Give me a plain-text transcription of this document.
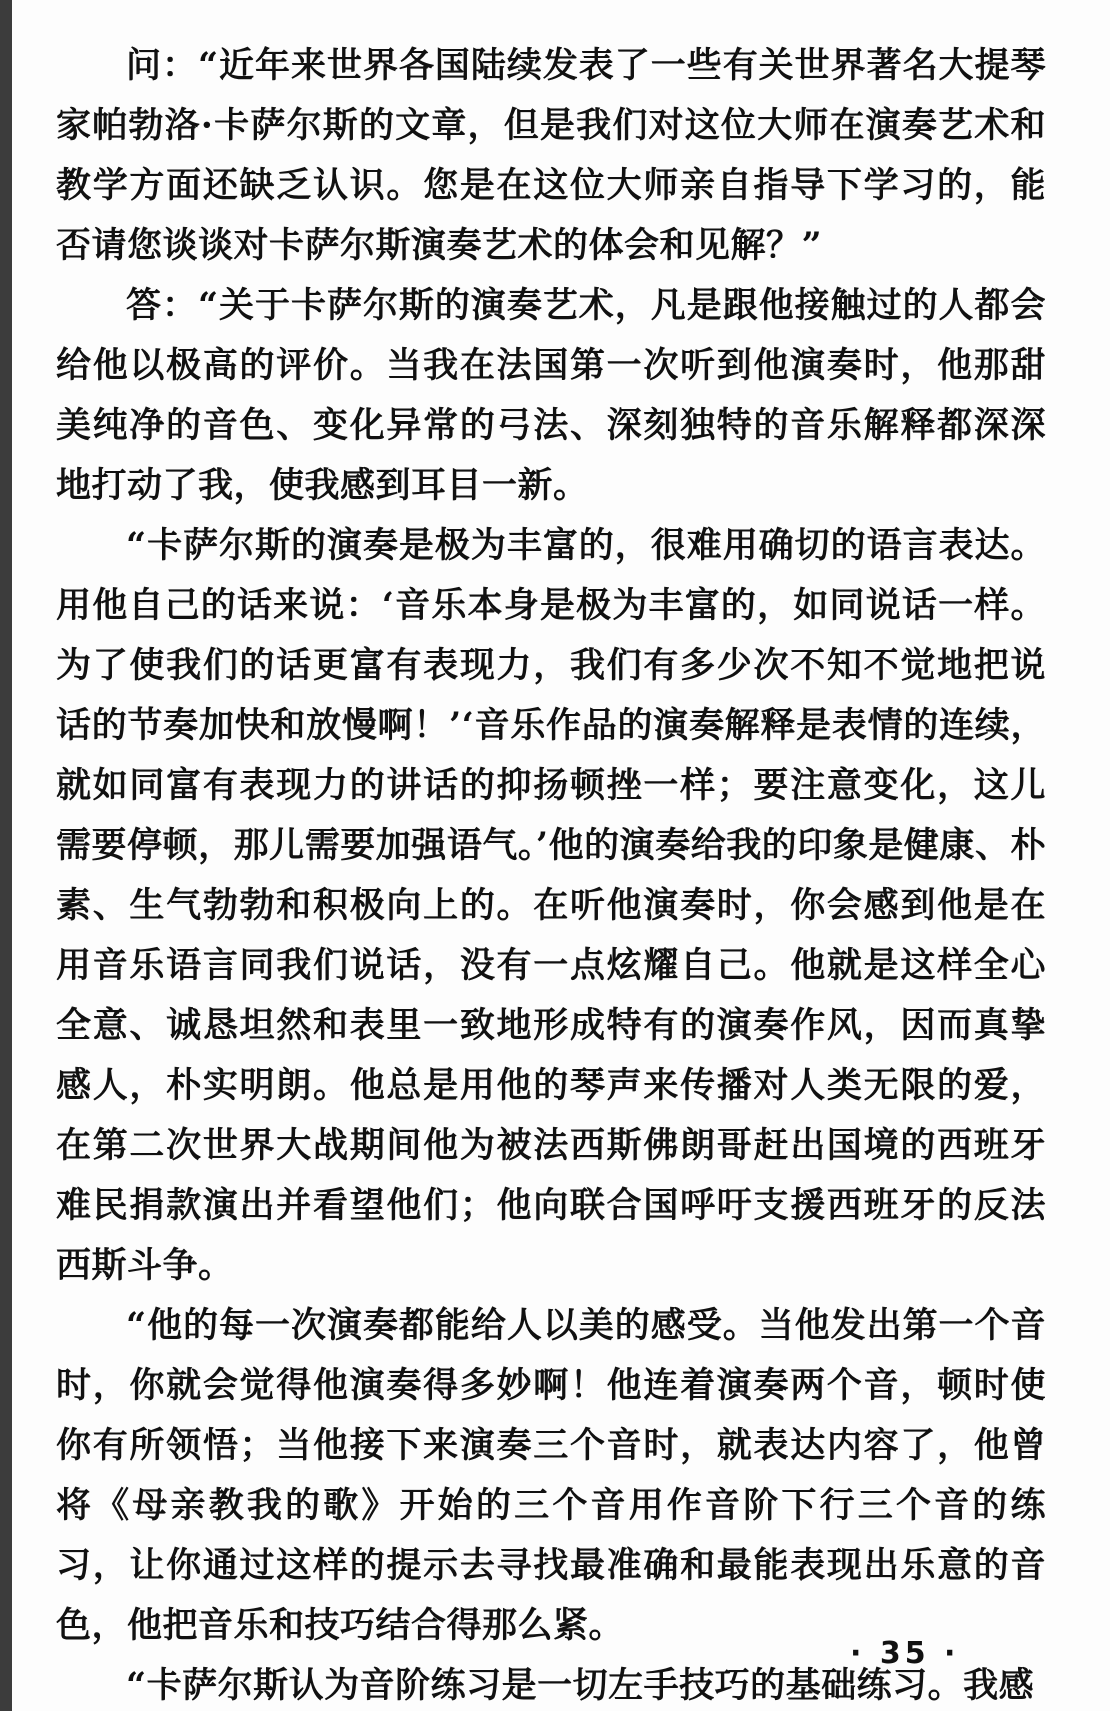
问：“近年来世界各国陆续发表了一些有关世界著名大提琴家帕勃洛·卡萨尔斯的文章，但是我们对这位大师在演奏艺术和教学方面还缺乏认识。您是在这位大师亲自指导下学习的，能否请您谈谈对卡萨尔斯演奏艺术的体会和见解？”

答：“关于卡萨尔斯的演奏艺术，凡是跟他接触过的人都会给他以极高的评价。当我在法国第一次听到他演奏时，他那甜美纯净的音色、变化异常的弓法、深刻独特的音乐解释都深深地打动了我，使我感到耳目一新。

“卡萨尔斯的演奏是极为丰富的，很难用确切的语言表达。用他自己的话来说：‘音乐本身是极为丰富的，如同说话一样。为了使我们的话更富有表现力，我们有多少次不知不觉地把说话的节奏加快和放慢啊！’‘音乐作品的演奏解释是表情的连续，就如同富有表现力的讲话的抑扬顿挫一样；要注意变化，这儿需要停顿，那儿需要加强语气。’他的演奏给我的印象是健康、朴素、生气勃勃和积极向上的。在听他演奏时，你会感到他是在用音乐语言同我们说话，没有一点炫耀自己。他就是这样全心全意、诚恳坦然和表里一致地形成特有的演奏作风，因而真挚感人，朴实明朗。他总是用他的琴声来传播对人类无限的爱，在第二次世界大战期间他为被法西斯佛朗哥赶出国境的西班牙难民捐款演出并看望他们；他向联合国呼吁支援西班牙的反法西斯斗争。

“他的每一次演奏都能给人以美的感受。当他发出第一个音时，你就会觉得他演奏得多妙啊！他连着演奏两个音，顿时使你有所领悟；当他接下来演奏三个音时，就表达内容了，他曾将《母亲教我的歌》开始的三个音用作音阶下行三个音的练习，让你通过这样的提示去寻找最准确和最能表现出乐意的音色，他把音乐和技巧结合得那么紧。

“卡萨尔斯认为音阶练习是一切左手技巧的基础练习。我感

· 35 ·
